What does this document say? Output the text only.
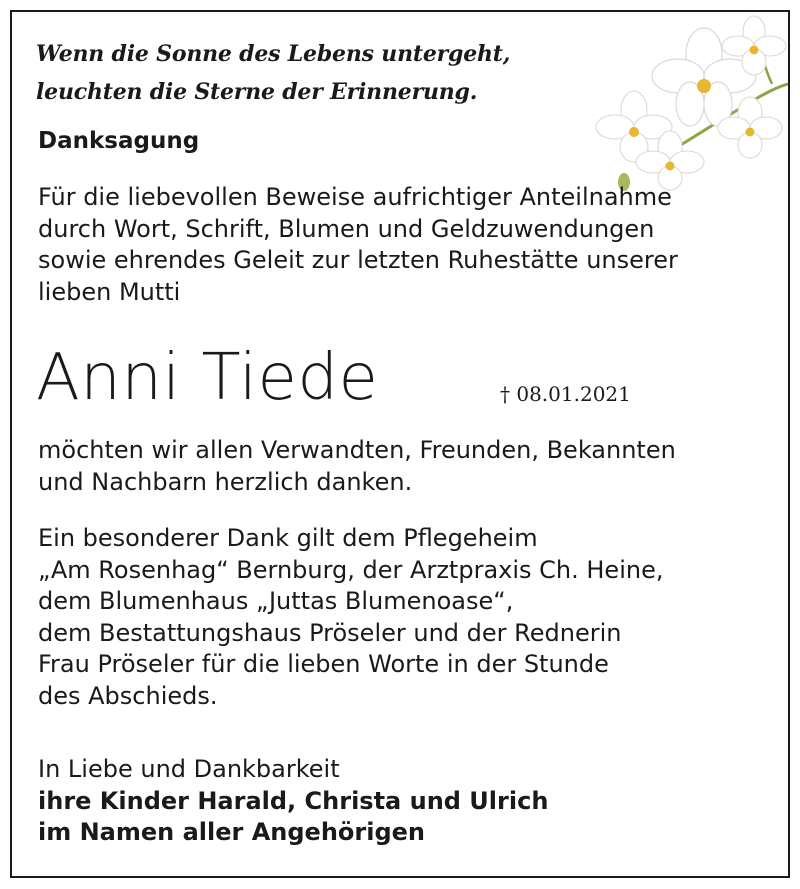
Wenn die Sonne des Lebens untergeht,
leuchten die Sterne der Erinnerung.
Danksagung
Für die liebevollen Beweise aufrichtiger Anteilnahme
durch Wort, Schrift, Blumen und Geldzuwendungen
sowie ehrendes Geleit zur letzten Ruhestätte unserer
lieben Mutti
Anni Tiede	† 08.01.2021
möchten wir allen Verwandten, Freunden, Bekannten
und Nachbarn herzlich danken.
Ein besonderer Dank gilt dem Pflegeheim
„Am Rosenhag“ Bernburg, der Arztpraxis Ch. Heine,
dem Blumenhaus „Juttas Blumenoase“,
dem Bestattungshaus Pröseler und der Rednerin
Frau Pröseler für die lieben Worte in der Stunde
des Abschieds.
In Liebe und Dankbarkeit
ihre Kinder Harald, Christa und Ulrich
im Namen aller Angehörigen
